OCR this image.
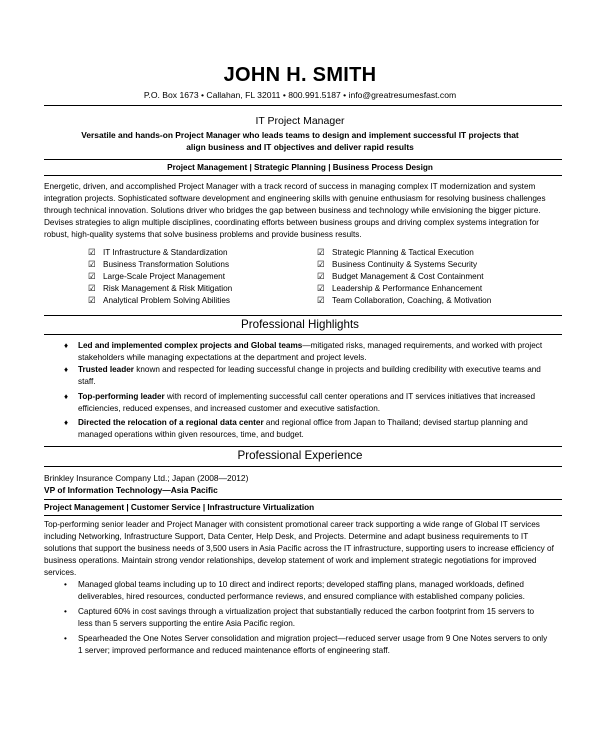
JOHN H. SMITH
P.O. Box 1673 • Callahan, FL 32011 • 800.991.5187 • info@greatresumesfast.com
IT Project Manager
Versatile and hands-on Project Manager who leads teams to design and implement successful IT projects that align business and IT objectives and deliver rapid results
Project Management | Strategic Planning | Business Process Design
Energetic, driven, and accomplished Project Manager with a track record of success in managing complex IT modernization and system integration projects. Sophisticated software development and engineering skills with genuine enthusiasm for resolving business challenges through technical innovation. Solutions driver who bridges the gap between business and technology while envisioning the bigger picture. Devises strategies to align multiple disciplines, coordinating efforts between business groups and driving complex systems integration for robust, high-quality systems that solve business problems and provide business results.
☑ IT Infrastructure & Standardization	☑ Strategic Planning & Tactical Execution
☑ Business Transformation Solutions	☑ Business Continuity & Systems Security
☑ Large-Scale Project Management	☑ Budget Management & Cost Containment
☑ Risk Management & Risk Mitigation	☑ Leadership & Performance Enhancement
☑ Analytical Problem Solving Abilities	☑ Team Collaboration, Coaching, & Motivation
Professional Highlights
♦ Led and implemented complex projects and Global teams—mitigated risks, managed requirements, and worked with project stakeholders while managing expectations at the department and project levels.
♦ Trusted leader known and respected for leading successful change in projects and building credibility with executive teams and staff.
♦ Top-performing leader with record of implementing successful call center operations and IT services initiatives that increased efficiencies, reduced expenses, and increased customer and executive satisfaction.
♦ Directed the relocation of a regional data center and regional office from Japan to Thailand; devised startup planning and managed operations within given resources, time, and budget.
Professional Experience
Brinkley Insurance Company Ltd.; Japan (2008—2012)
VP of Information Technology—Asia Pacific
Project Management | Customer Service | Infrastructure Virtualization
Top-performing senior leader and Project Manager with consistent promotional career track supporting a wide range of Global IT services including Networking, Infrastructure Support, Data Center, Help Desk, and Projects. Determine and adapt business requirements to IT solutions that support the business needs of 3,500 users in Asia Pacific across the IT infrastructure, supporting users to increase efficiency of business operations. Maintain strong vendor relationships, develop statement of work and implement strategic negotiations for improved services.
• Managed global teams including up to 10 direct and indirect reports; developed staffing plans, managed workloads, defined deliverables, hired resources, conducted performance reviews, and ensured compliance with established company policies.
• Captured 60% in cost savings through a virtualization project that substantially reduced the carbon footprint from 15 servers to less than 5 servers supporting the entire Asia Pacific region.
• Spearheaded the One Notes Server consolidation and migration project—reduced server usage from 9 One Notes servers to only 1 server; improved performance and reduced maintenance efforts of engineering staff.
